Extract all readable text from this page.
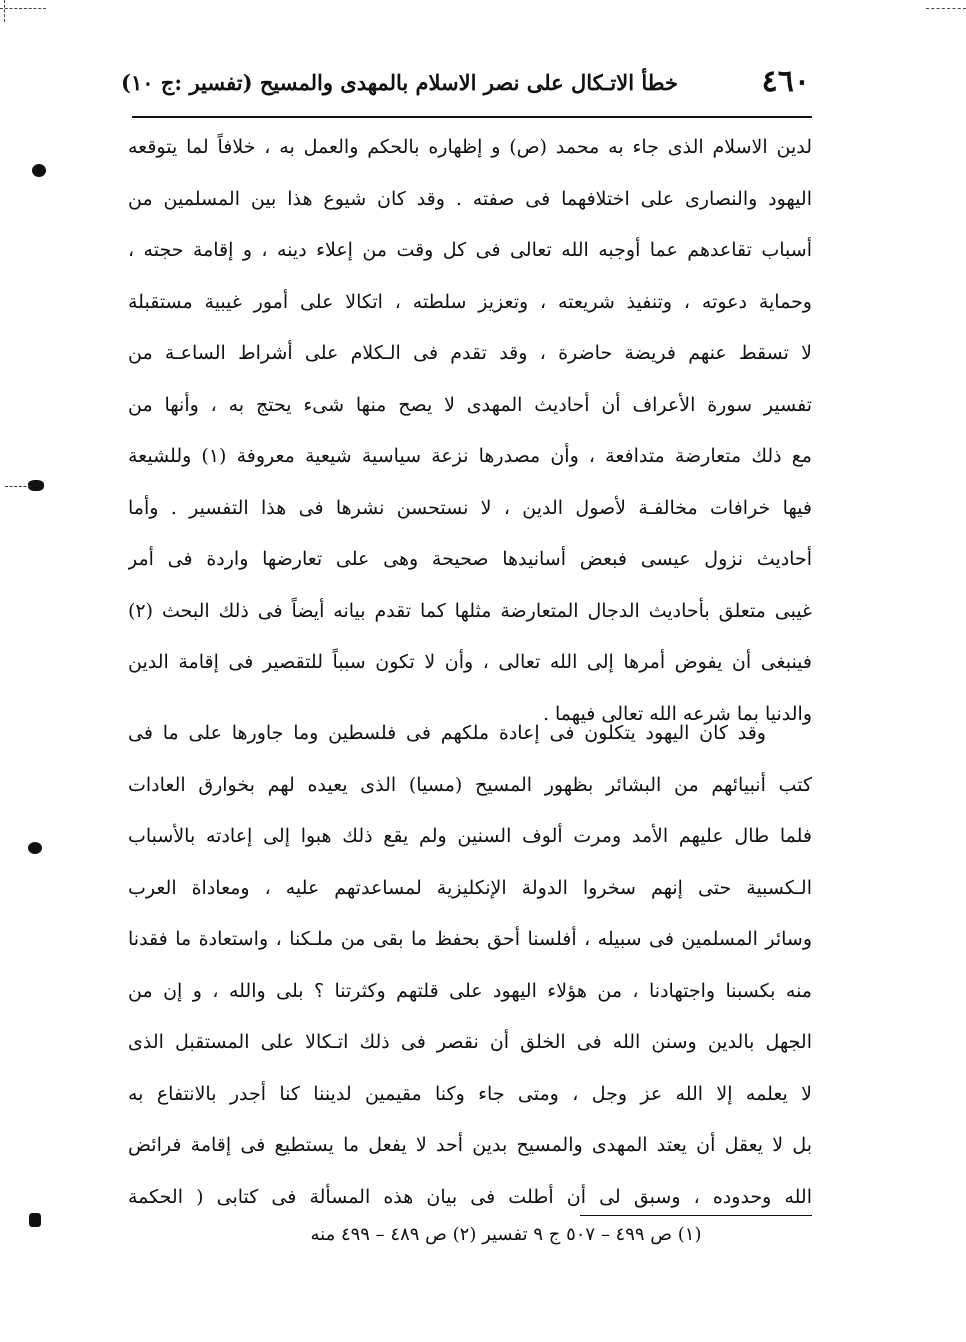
٤٦٠
خطأ الاتـكال على نصر الاسلام بالمهدى والمسيح (تفسير :ج ١٠)
لدين الاسلام الذى جاء به محمد (ص) و إظهاره بالحكم والعمل به ، خلافاً لما يتوقعه
اليهود والنصارى على اختلافهما فى صفته . وقد كان شيوع هذا بين المسلمين من
أسباب تقاعدهم عما أوجبه الله تعالى فى كل وقت من إعلاء دينه ، و إقامة حجته ،
وحماية دعوته ، وتنفيذ شريعته ، وتعزيز سلطته ، اتكالا على أمور غيبية مستقبلة
لا تسقط عنهم فريضة حاضرة ، وقد تقدم فى الـكلام على أشراط الساعـة من
تفسير سورة الأعراف أن أحاديث المهدى لا يصح منها شىء يحتج به ، وأنها من
مع ذلك متعارضة متدافعة ، وأن مصدرها نزعة سياسية شيعية معروفة (١) وللشيعة
فيها خرافات مخالفـة لأصول الدين ، لا نستحسن نشرها فى هذا التفسير . وأما
أحاديث نزول عيسى فبعض أسانيدها صحيحة وهى على تعارضها واردة فى أمر
غيبى متعلق بأحاديث الدجال المتعارضة مثلها كما تقدم بيانه أيضاً فى ذلك البحث (٢)
فينبغى أن يفوض أمرها إلى الله تعالى ، وأن لا تكون سبباً للتقصير فى إقامة الدين
والدنيا بما شرعه الله تعالى فيهما .
وقد كان اليهود يتكلون فى إعادة ملكهم فى فلسطين وما جاورها على ما فى
كتب أنبيائهم من البشائر بظهور المسيح (مسيا) الذى يعيده لهم بخوارق العادات
فلما طال عليهم الأمد ومرت ألوف السنين ولم يقع ذلك هبوا إلى إعادته بالأسباب
الـكسبية حتى إنهم سخروا الدولة الإنكليزية لمساعدتهم عليه ، ومعاداة العرب
وسائر المسلمين فى سبيله ، أفلسنا أحق بحفظ ما بقى من ملـكنا ، واستعادة ما فقدنا
منه بكسبنا واجتهادنا ، من هؤلاء اليهود على قلتهم وكثرتنا ؟ بلى والله ، و إن من
الجهل بالدين وسنن الله فى الخلق أن نقصر فى ذلك اتـكالا على المستقبل الذى
لا يعلمه إلا الله عز وجل ، ومتى جاء وكنا مقيمين لديننا كنا أجدر بالانتفاع به
بل لا يعقل أن يعتد المهدى والمسيح بدين أحد لا يفعل ما يستطيع فى إقامة فرائض
الله وحدوده ، وسبق لى أن أطلت فى بيان هذه المسألة فى كتابى ( الحكمة
(١) ص ٤٩٩ – ٥٠٧ ج ٩ تفسير (٢) ص ٤٨٩ – ٤٩٩ منه
